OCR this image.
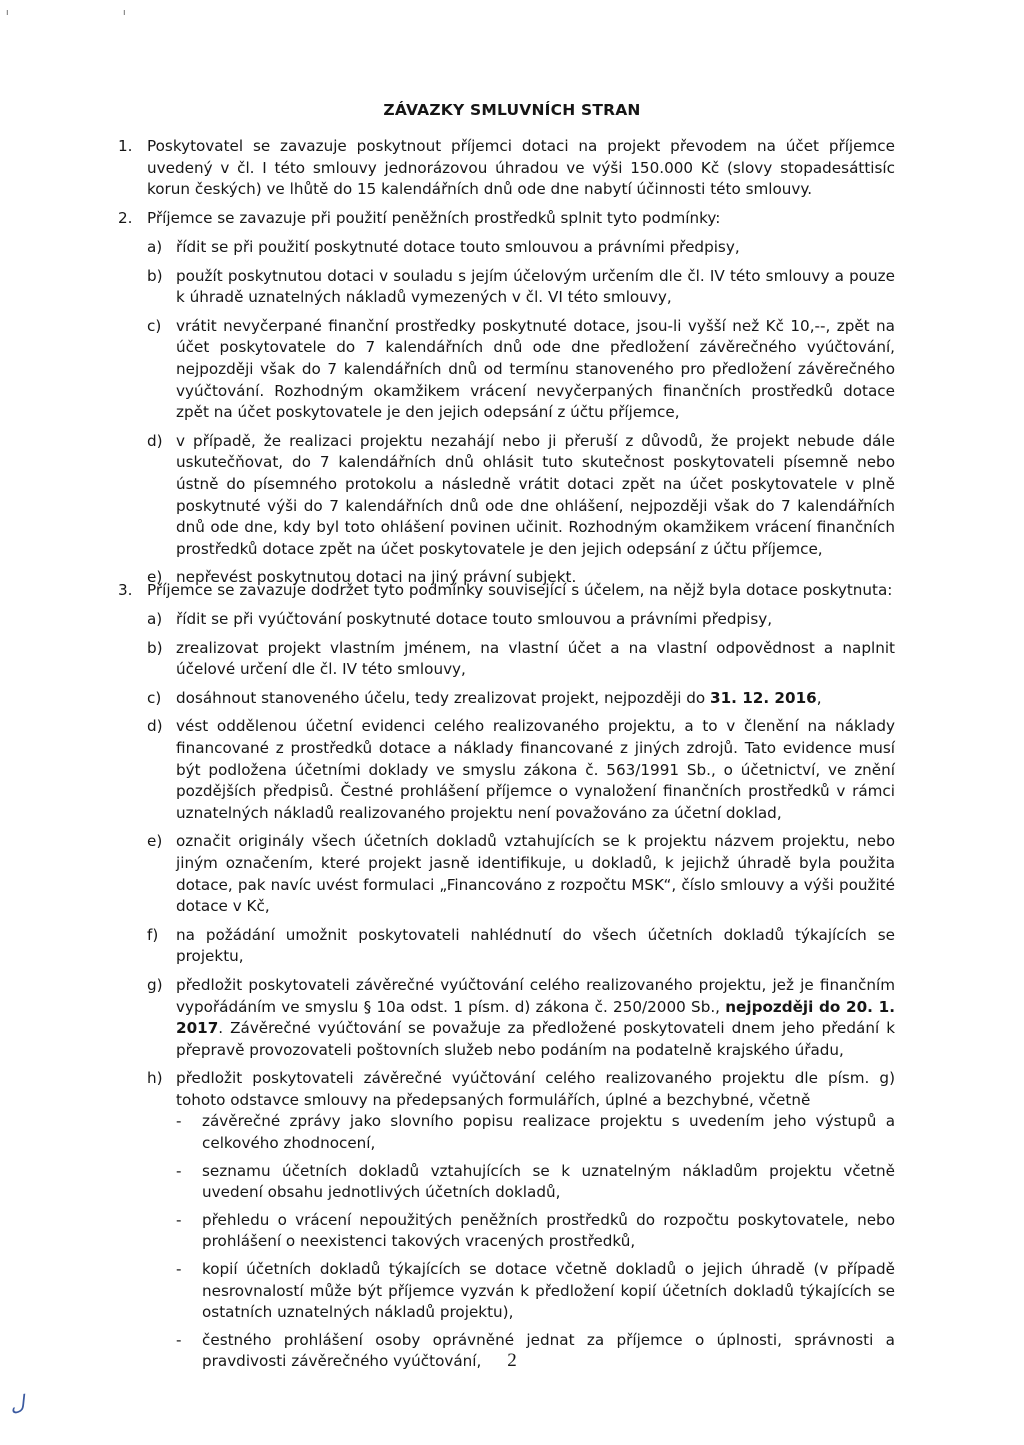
ı	ı
ZÁVAZKY SMLUVNÍCH STRAN
1. Poskytovatel se zavazuje poskytnout příjemci dotaci na projekt převodem na účet příjemce uvedený v čl. I této smlouvy jednorázovou úhradou ve výši 150.000 Kč (slovy stopadesáttisíc korun českých) ve lhůtě do 15 kalendářních dnů ode dne nabytí účinnosti této smlouvy.
2. Příjemce se zavazuje při použití peněžních prostředků splnit tyto podmínky:
a) řídit se při použití poskytnuté dotace touto smlouvou a právními předpisy,
b) použít poskytnutou dotaci v souladu s jejím účelovým určením dle čl. IV této smlouvy a pouze k úhradě uznatelných nákladů vymezených v čl. VI této smlouvy,
c) vrátit nevyčerpané finanční prostředky poskytnuté dotace, jsou-li vyšší než Kč 10,--, zpět na účet poskytovatele do 7 kalendářních dnů ode dne předložení závěrečného vyúčtování, nejpozději však do 7 kalendářních dnů od termínu stanoveného pro předložení závěrečného vyúčtování. Rozhodným okamžikem vrácení nevyčerpaných finančních prostředků dotace zpět na účet poskytovatele je den jejich odepsání z účtu příjemce,
d) v případě, že realizaci projektu nezahájí nebo ji přeruší z důvodů, že projekt nebude dále uskutečňovat, do 7 kalendářních dnů ohlásit tuto skutečnost poskytovateli písemně nebo ústně do písemného protokolu a následně vrátit dotaci zpět na účet poskytovatele v plně poskytnuté výši do 7 kalendářních dnů ode dne ohlášení, nejpozději však do 7 kalendářních dnů ode dne, kdy byl toto ohlášení povinen učinit. Rozhodným okamžikem vrácení finančních prostředků dotace zpět na účet poskytovatele je den jejich odepsání z účtu příjemce,
e) nepřevést poskytnutou dotaci na jiný právní subjekt.
3. Příjemce se zavazuje dodržet tyto podmínky související s účelem, na nějž byla dotace poskytnuta:
a) řídit se při vyúčtování poskytnuté dotace touto smlouvou a právními předpisy,
b) zrealizovat projekt vlastním jménem, na vlastní účet a na vlastní odpovědnost a naplnit účelové určení dle čl. IV této smlouvy,
c) dosáhnout stanoveného účelu, tedy zrealizovat projekt, nejpozději do 31. 12. 2016,
d) vést oddělenou účetní evidenci celého realizovaného projektu, a to v členění na náklady financované z prostředků dotace a náklady financované z jiných zdrojů. Tato evidence musí být podložena účetními doklady ve smyslu zákona č. 563/1991 Sb., o účetnictví, ve znění pozdějších předpisů. Čestné prohlášení příjemce o vynaložení finančních prostředků v rámci uznatelných nákladů realizovaného projektu není považováno za účetní doklad,
e) označit originály všech účetních dokladů vztahujících se k projektu názvem projektu, nebo jiným označením, které projekt jasně identifikuje, u dokladů, k jejichž úhradě byla použita dotace, pak navíc uvést formulaci „Financováno z rozpočtu MSK“, číslo smlouvy a výši použité dotace v Kč,
f) na požádání umožnit poskytovateli nahlédnutí do všech účetních dokladů týkajících se projektu,
g) předložit poskytovateli závěrečné vyúčtování celého realizovaného projektu, jež je finančním vypořádáním ve smyslu § 10a odst. 1 písm. d) zákona č. 250/2000 Sb., nejpozději do 20. 1. 2017. Závěrečné vyúčtování se považuje za předložené poskytovateli dnem jeho předání k přepravě provozovateli poštovních služeb nebo podáním na podatelně krajského úřadu,
h) předložit poskytovateli závěrečné vyúčtování celého realizovaného projektu dle písm. g) tohoto odstavce smlouvy na předepsaných formulářích, úplné a bezchybné, včetně
- závěrečné zprávy jako slovního popisu realizace projektu s uvedením jeho výstupů a celkového zhodnocení,
- seznamu účetních dokladů vztahujících se k uznatelným nákladům projektu včetně uvedení obsahu jednotlivých účetních dokladů,
- přehledu o vrácení nepoužitých peněžních prostředků do rozpočtu poskytovatele, nebo prohlášení o neexistenci takových vracených prostředků,
- kopií účetních dokladů týkajících se dotace včetně dokladů o jejich úhradě (v případě nesrovnalostí může být příjemce vyzván k předložení kopií účetních dokladů týkajících se ostatních uznatelných nákladů projektu),
- čestného prohlášení osoby oprávněné jednat za příjemce o úplnosti, správnosti a pravdivosti závěrečného vyúčtování,	2
ل
